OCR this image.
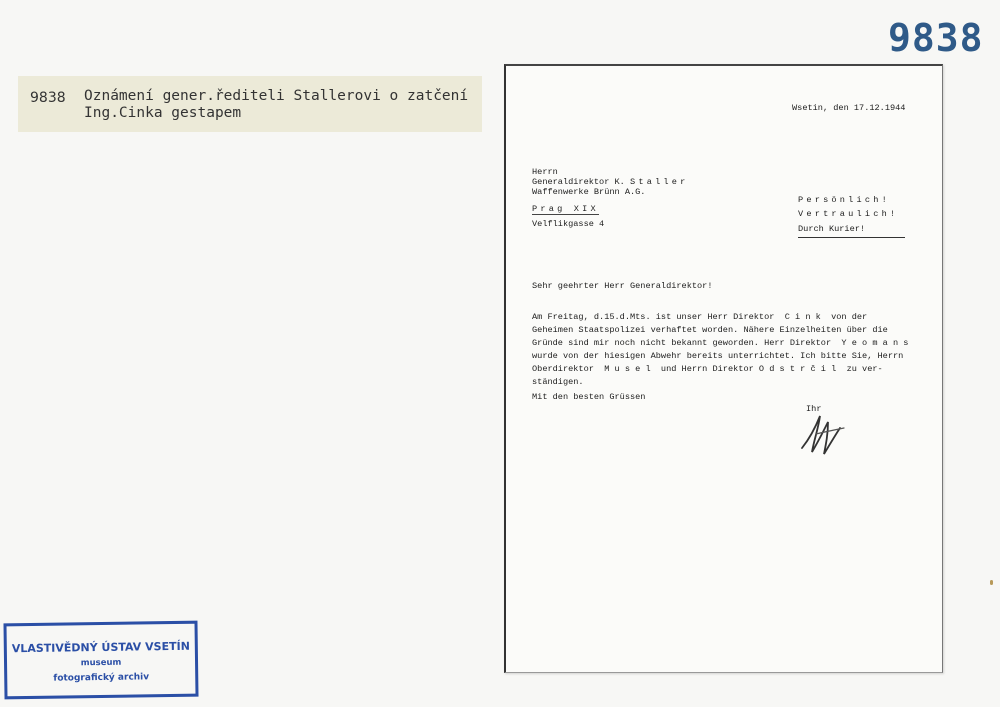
9838
9838 Oznámení gener.řediteli Stallerovi o zatčení
Ing.Cinka gestapem	Wsetin, den 17.12.1944
Herrn
Generaldirektor K. Staller
Waffenwerke Brünn A.G.
Prag XIX
Velflikgasse 4
Persönlich!
Vertraulich!
Durch Kurier!
Sehr geehrter Herr Generaldirektor!
Am Freitag, d.15.d.Mts. ist unser Herr Direktor  C i n k  von der
Geheimen Staatspolizei verhaftet worden. Nähere Einzelheiten über die
Gründe sind mir noch nicht bekannt geworden. Herr Direktor  Y e o m a n s
wurde von der hiesigen Abwehr bereits unterrichtet. Ich bitte Sie, Herrn
Oberdirektor  M u s e l  und Herrn Direktor O d s t r č i l  zu ver-
ständigen.
Mit den besten Grüssen
Ihr
VLASTIVĚDNÝ ÚSTAV VSETÍN
museum
fotografický archiv
